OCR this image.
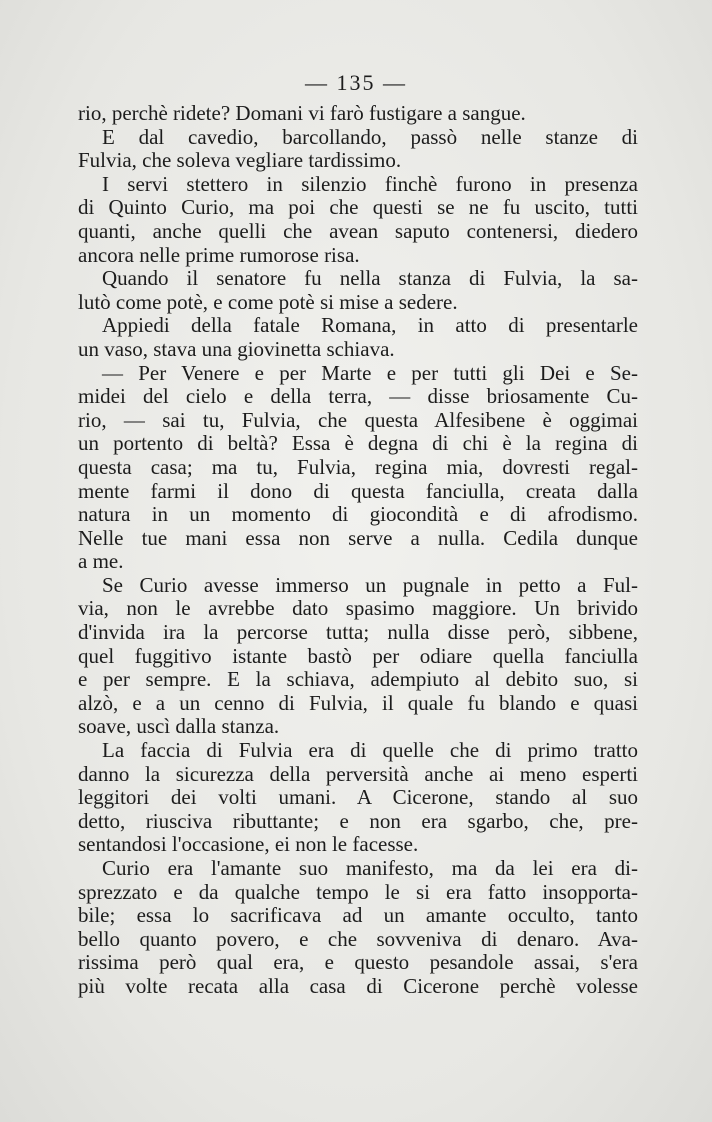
— 135 —
rio, perchè ridete? Domani vi farò fustigare a sangue.
E dal cavedio, barcollando, passò nelle stanze di
Fulvia, che soleva vegliare tardissimo.
I servi stettero in silenzio finchè furono in presenza
di Quinto Curio, ma poi che questi se ne fu uscito, tutti
quanti, anche quelli che avean saputo contenersi, diedero
ancora nelle prime rumorose risa.
Quando il senatore fu nella stanza di Fulvia, la sa-
lutò come potè, e come potè si mise a sedere.
Appiedi della fatale Romana, in atto di presentarle
un vaso, stava una giovinetta schiava.
— Per Venere e per Marte e per tutti gli Dei e Se-
midei del cielo e della terra, — disse briosamente Cu-
rio, — sai tu, Fulvia, che questa Alfesibene è oggimai
un portento di beltà? Essa è degna di chi è la regina di
questa casa; ma tu, Fulvia, regina mia, dovresti regal-
mente farmi il dono di questa fanciulla, creata dalla
natura in un momento di giocondità e di afrodismo.
Nelle tue mani essa non serve a nulla. Cedila dunque
a me.
Se Curio avesse immerso un pugnale in petto a Ful-
via, non le avrebbe dato spasimo maggiore. Un brivido
d'invida ira la percorse tutta; nulla disse però, sibbene,
quel fuggitivo istante bastò per odiare quella fanciulla
e per sempre. E la schiava, adempiuto al debito suo, si
alzò, e a un cenno di Fulvia, il quale fu blando e quasi
soave, uscì dalla stanza.
La faccia di Fulvia era di quelle che di primo tratto
danno la sicurezza della perversità anche ai meno esperti
leggitori dei volti umani. A Cicerone, stando al suo
detto, riusciva ributtante; e non era sgarbo, che, pre-
sentandosi l'occasione, ei non le facesse.
Curio era l'amante suo manifesto, ma da lei era di-
sprezzato e da qualche tempo le si era fatto insopporta-
bile; essa lo sacrificava ad un amante occulto, tanto
bello quanto povero, e che sovveniva di denaro. Ava-
rissima però qual era, e questo pesandole assai, s'era
più volte recata alla casa di Cicerone perchè volesse
